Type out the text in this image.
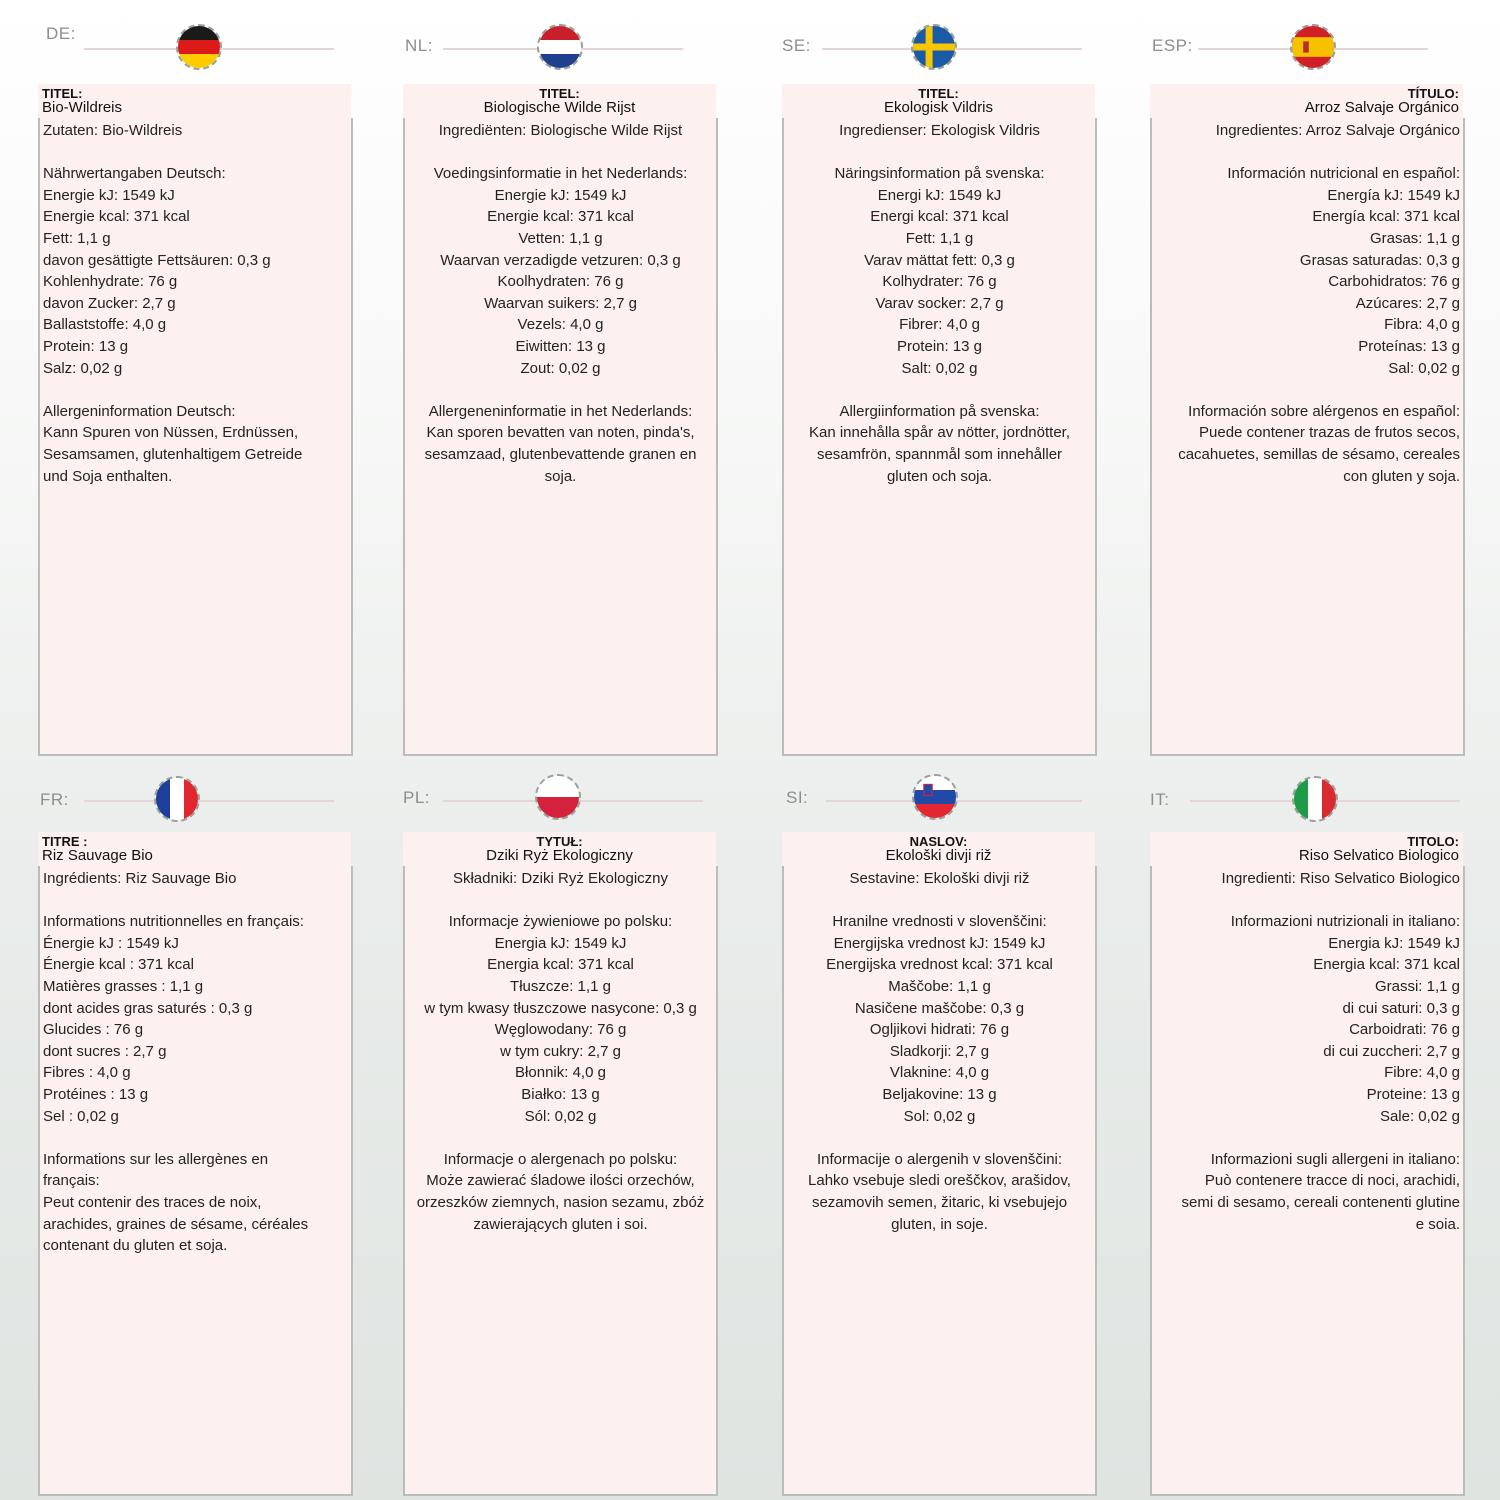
DE:
TITEL:
Bio-Wildreis
Zutaten: Bio-Wildreis
Nährwertangaben Deutsch:
Energie kJ: 1549 kJ
Energie kcal: 371 kcal
Fett: 1,1 g
davon gesättigte Fettsäuren: 0,3 g
Kohlenhydrate: 76 g
davon Zucker: 2,7 g
Ballaststoffe: 4,0 g
Protein: 13 g
Salz: 0,02 g
Allergeninformation Deutsch:
Kann Spuren von Nüssen, Erdnüssen,
Sesamsamen, glutenhaltigem Getreide
und Soja enthalten.
NL:
TITEL:
Biologische Wilde Rijst
Ingrediënten: Biologische Wilde Rijst
Voedingsinformatie in het Nederlands:
Energie kJ: 1549 kJ
Energie kcal: 371 kcal
Vetten: 1,1 g
Waarvan verzadigde vetzuren: 0,3 g
Koolhydraten: 76 g
Waarvan suikers: 2,7 g
Vezels: 4,0 g
Eiwitten: 13 g
Zout: 0,02 g
Allergeneninformatie in het Nederlands:
Kan sporen bevatten van noten, pinda's,
sesamzaad, glutenbevattende granen en
soja.
SE:
TITEL:
Ekologisk Vildris
Ingredienser: Ekologisk Vildris
Näringsinformation på svenska:
Energi kJ: 1549 kJ
Energi kcal: 371 kcal
Fett: 1,1 g
Varav mättat fett: 0,3 g
Kolhydrater: 76 g
Varav socker: 2,7 g
Fibrer: 4,0 g
Protein: 13 g
Salt: 0,02 g
Allergiinformation på svenska:
Kan innehålla spår av nötter, jordnötter,
sesamfrön, spannmål som innehåller
gluten och soja.
ESP:
TÍTULO:
Arroz Salvaje Orgánico
Ingredientes: Arroz Salvaje Orgánico
Información nutricional en español:
Energía kJ: 1549 kJ
Energía kcal: 371 kcal
Grasas: 1,1 g
Grasas saturadas: 0,3 g
Carbohidratos: 76 g
Azúcares: 2,7 g
Fibra: 4,0 g
Proteínas: 13 g
Sal: 0,02 g
Información sobre alérgenos en español:
Puede contener trazas de frutos secos,
cacahuetes, semillas de sésamo, cereales
con gluten y soja.
FR:
TITRE :
Riz Sauvage Bio
Ingrédients: Riz Sauvage Bio
Informations nutritionnelles en français:
Énergie kJ : 1549 kJ
Énergie kcal : 371 kcal
Matières grasses : 1,1 g
dont acides gras saturés : 0,3 g
Glucides : 76 g
dont sucres : 2,7 g
Fibres : 4,0 g
Protéines : 13 g
Sel : 0,02 g
Informations sur les allergènes en
français:
Peut contenir des traces de noix,
arachides, graines de sésame, céréales
contenant du gluten et soja.
PL:
TYTUŁ:
Dziki Ryż Ekologiczny
Składniki: Dziki Ryż Ekologiczny
Informacje żywieniowe po polsku:
Energia kJ: 1549 kJ
Energia kcal: 371 kcal
Tłuszcze: 1,1 g
w tym kwasy tłuszczowe nasycone: 0,3 g
Węglowodany: 76 g
w tym cukry: 2,7 g
Błonnik: 4,0 g
Białko: 13 g
Sól: 0,02 g
Informacje o alergenach po polsku:
Może zawierać śladowe ilości orzechów,
orzeszków ziemnych, nasion sezamu, zbóż
zawierających gluten i soi.
SI:
NASLOV:
Ekološki divji riž
Sestavine: Ekološki divji riž
Hranilne vrednosti v slovenščini:
Energijska vrednost kJ: 1549 kJ
Energijska vrednost kcal: 371 kcal
Maščobe: 1,1 g
Nasičene maščobe: 0,3 g
Ogljikovi hidrati: 76 g
Sladkorji: 2,7 g
Vlaknine: 4,0 g
Beljakovine: 13 g
Sol: 0,02 g
Informacije o alergenih v slovenščini:
Lahko vsebuje sledi oreščkov, arašidov,
sezamovih semen, žitaric, ki vsebujejo
gluten, in soje.
IT:
TITOLO:
Riso Selvatico Biologico
Ingredienti: Riso Selvatico Biologico
Informazioni nutrizionali in italiano:
Energia kJ: 1549 kJ
Energia kcal: 371 kcal
Grassi: 1,1 g
di cui saturi: 0,3 g
Carboidrati: 76 g
di cui zuccheri: 2,7 g
Fibre: 4,0 g
Proteine: 13 g
Sale: 0,02 g
Informazioni sugli allergeni in italiano:
Può contenere tracce di noci, arachidi,
semi di sesamo, cereali contenenti glutine
e soia.
